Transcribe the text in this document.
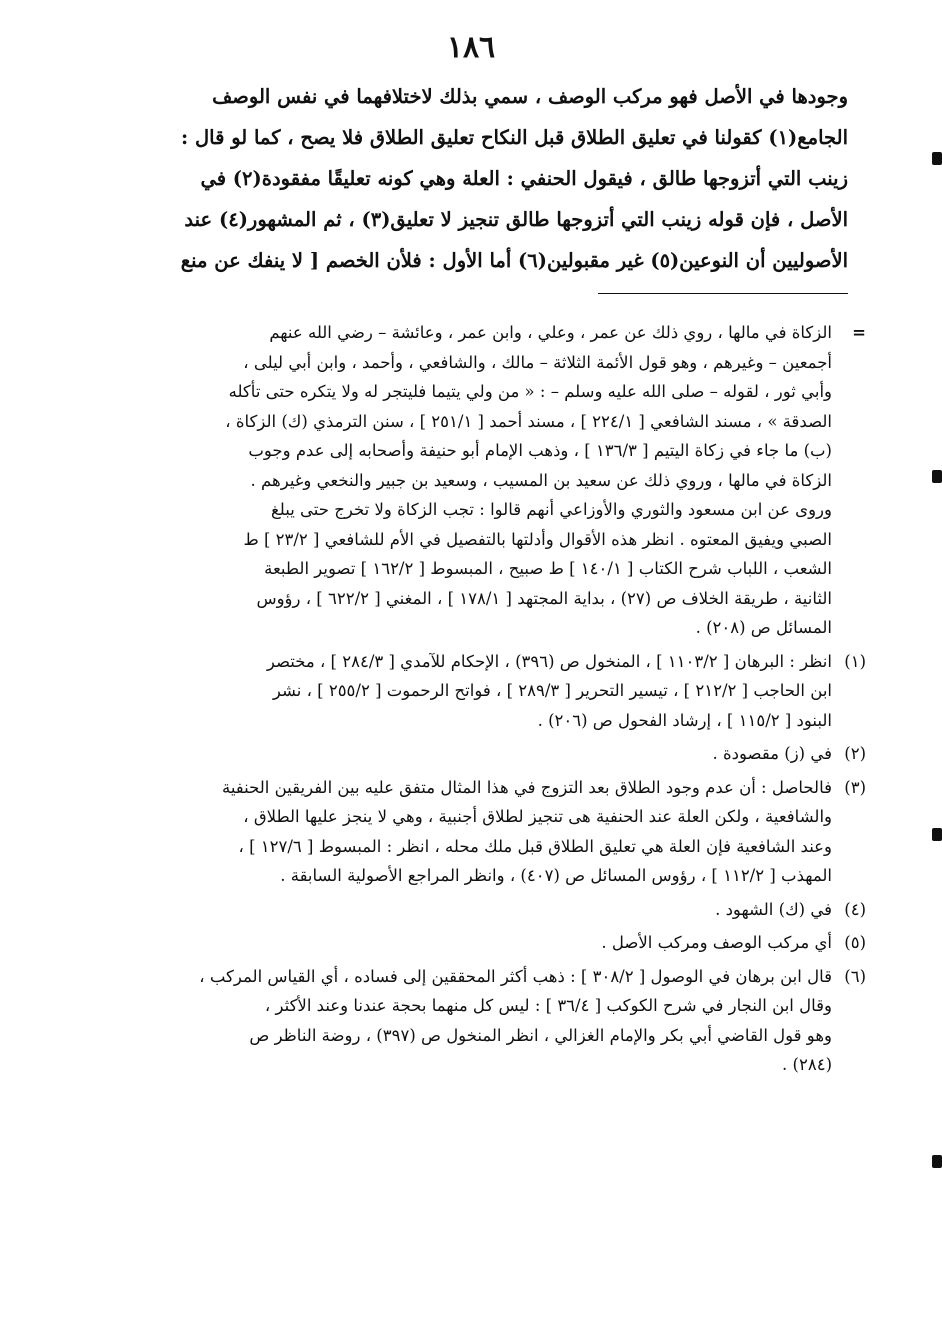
١٨٦
وجودها في الأصل فهو مركب الوصف ، سمي بذلك لاختلافهما في نفس الوصف
الجامع(١) كقولنا في تعليق الطلاق قبل النكاح تعليق الطلاق فلا يصح ، كما لو قال :
زينب التي أتزوجها طالق ، فيقول الحنفي : العلة وهي كونه تعليقًا مفقودة(٢) في
الأصل ، فإن قوله زينب التي أتزوجها طالق تنجيز لا تعليق(٣) ، ثم المشهور(٤) عند
الأصوليين أن النوعين(٥) غير مقبولين(٦) أما الأول : فلأن الخصم [ لا ينفك عن منع
=
الزكاة في مالها ، روي ذلك عن عمر ، وعلي ، وابن عمر ، وعائشة – رضي الله عنهم
أجمعين – وغيرهم ، وهو قول الأئمة الثلاثة – مالك ، والشافعي ، وأحمد ، وابن أبي ليلى ،
وأبي ثور ، لقوله – صلى الله عليه وسلم – : « من ولي يتيما فليتجر له ولا يتكره حتى تأكله
الصدقة » ، مسند الشافعي [ ٢٢٤/١ ] ، مسند أحمد [ ٢٥١/١ ] ، سنن الترمذي (ك) الزكاة ،
(ب) ما جاء في زكاة اليتيم [ ١٣٦/٣ ] ، وذهب الإمام أبو حنيفة وأصحابه إلى عدم وجوب
الزكاة في مالها ، وروي ذلك عن سعيد بن المسيب ، وسعيد بن جبير والنخعي وغيرهم .
وروى عن ابن مسعود والثوري والأوزاعي أنهم قالوا : تجب الزكاة ولا تخرج حتى يبلغ
الصبي ويفيق المعتوه . انظر هذه الأقوال وأدلتها بالتفصيل في الأم للشافعي [ ٢٣/٢ ] ط
الشعب ، اللباب شرح الكتاب [ ١٤٠/١ ] ط صبيح ، المبسوط [ ١٦٢/٢ ] تصوير الطبعة
الثانية ، طريقة الخلاف ص (٢٧) ، بداية المجتهد [ ١٧٨/١ ] ، المغني [ ٦٢٢/٢ ] ، رؤوس
المسائل ص (٢٠٨) .
(١)
انظر : البرهان [ ١١٠٣/٢ ] ، المنخول ص (٣٩٦) ، الإحكام للآمدي [ ٢٨٤/٣ ] ، مختصر
ابن الحاجب [ ٢١٢/٢ ] ، تيسير التحرير [ ٢٨٩/٣ ] ، فواتح الرحموت [ ٢٥٥/٢ ] ، نشر
البنود [ ١١٥/٢ ] ، إرشاد الفحول ص (٢٠٦) .
(٢)
في (ز) مقصودة .
(٣)
فالحاصل : أن عدم وجود الطلاق بعد التزوج في هذا المثال متفق عليه بين الفريقين الحنفية
والشافعية ، ولكن العلة عند الحنفية هى تنجيز لطلاق أجنبية ، وهي لا ينجز عليها الطلاق ،
وعند الشافعية فإن العلة هي تعليق الطلاق قبل ملك محله ، انظر : المبسوط [ ١٢٧/٦ ] ،
المهذب [ ١١٢/٢ ] ، رؤوس المسائل ص (٤٠٧) ، وانظر المراجع الأصولية السابقة .
(٤)
في (ك) الشهود .
(٥)
أي مركب الوصف ومركب الأصل .
(٦)
قال ابن برهان في الوصول [ ٣٠٨/٢ ] : ذهب أكثر المحققين إلى فساده ، أي القياس المركب ،
وقال ابن النجار في شرح الكوكب [ ٣٦/٤ ] : ليس كل منهما بحجة عندنا وعند الأكثر ،
وهو قول القاضي أبي بكر والإمام الغزالي ، انظر المنخول ص (٣٩٧) ، روضة الناظر ص
(٢٨٤) .
